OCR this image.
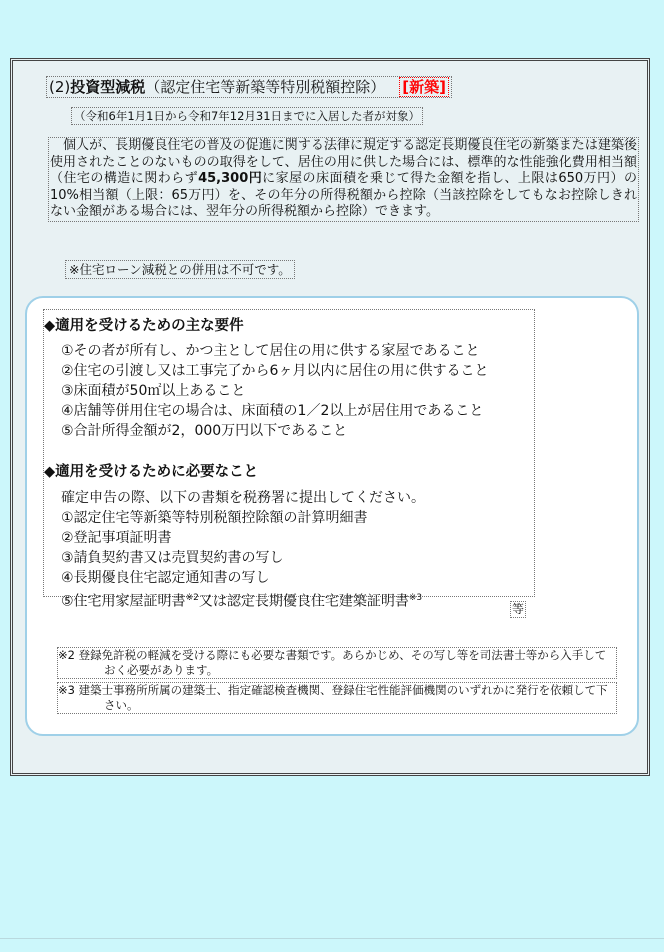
(2)投資型減税（認定住宅等新築等特別税額控除） [新築]
（令和6年1月1日から令和7年12月31日までに入居した者が対象）
個人が、長期優良住宅の普及の促進に関する法律に規定する認定長期優良住宅の新築または建築後使用されたことのないものの取得をして、居住の用に供した場合には、標準的な性能強化費用相当額（住宅の構造に関わらず45,300円に家屋の床面積を乗じて得た金額を指し、上限は650万円）の10%相当額（上限：65万円）を、その年分の所得税額から控除（当該控除をしてもなお控除しきれない金額がある場合には、翌年分の所得税額から控除）できます。
※住宅ローン減税との併用は不可です。
◆適用を受けるための主な要件
①その者が所有し、かつ主として居住の用に供する家屋であること
②住宅の引渡し又は工事完了から6ヶ月以内に居住の用に供すること
③床面積が50㎡以上あること
④店舗等併用住宅の場合は、床面積の1／2以上が居住用であること
⑤合計所得金額が2，000万円以下であること
◆適用を受けるために必要なこと
確定申告の際、以下の書類を税務署に提出してください。
①認定住宅等新築等特別税額控除額の計算明細書
②登記事項証明書
③請負契約書又は売買契約書の写し
④長期優良住宅認定通知書の写し
⑤住宅用家屋証明書$^{※2}$又は認定長期優良住宅建築証明書$^{※3}$
等
※2 登録免許税の軽減を受ける際にも必要な書類です。あらかじめ、その写し等を司法書士等から入手しておく必要があります。
※3 建築士事務所所属の建築士、指定確認検査機関、登録住宅性能評価機関のいずれかに発行を依頼して下さい。
